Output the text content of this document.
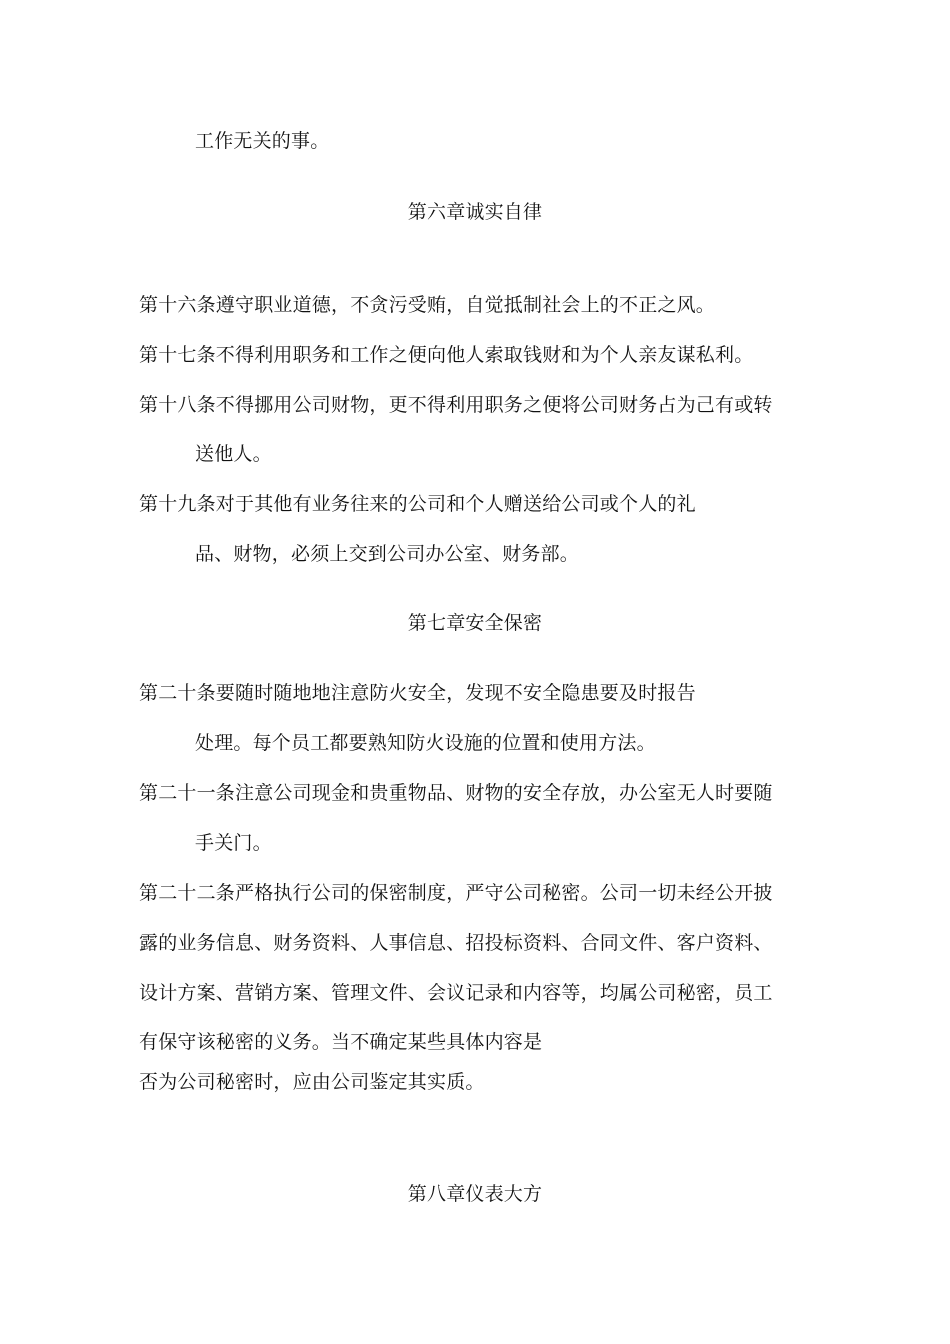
工作无关的事。
第六章诚实自律
第十六条遵守职业道德，不贪污受贿，自觉抵制社会上的不正之风。
第十七条不得利用职务和工作之便向他人索取钱财和为个人亲友谋私利。
第十八条不得挪用公司财物，更不得利用职务之便将公司财务占为己有或转
送他人。
第十九条对于其他有业务往来的公司和个人赠送给公司或个人的礼
品、财物，必须上交到公司办公室、财务部。
第七章安全保密
第二十条要随时随地地注意防火安全，发现不安全隐患要及时报告
处理。每个员工都要熟知防火设施的位置和使用方法。
第二十一条注意公司现金和贵重物品、财物的安全存放，办公室无人时要随
手关门。
第二十二条严格执行公司的保密制度，严守公司秘密。公司一切未经公开披
露的业务信息、财务资料、人事信息、招投标资料、合同文件、客户资料、
设计方案、营销方案、管理文件、会议记录和内容等，均属公司秘密，员工
有保守该秘密的义务。当不确定某些具体内容是
否为公司秘密时，应由公司鉴定其实质。
第八章仪表大方
